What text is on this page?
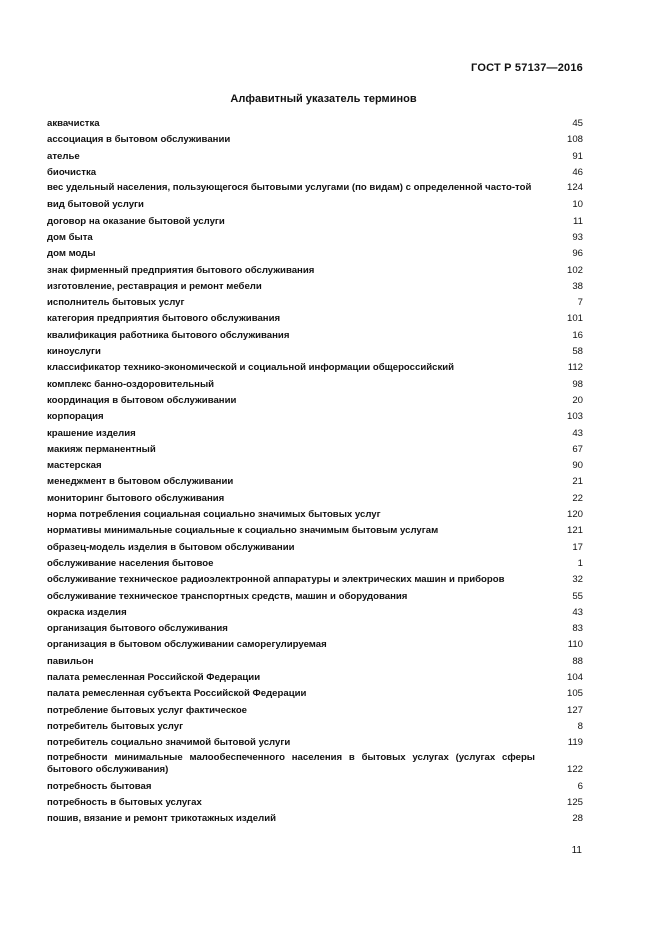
ГОСТ Р 57137—2016
Алфавитный указатель терминов
аквачистка	45
ассоциация в бытовом обслуживании	108
ателье	91
биочистка	46
вес удельный населения, пользующегося бытовыми услугами (по видам) с определенной часто-той	124
вид бытовой услуги	10
договор на оказание бытовой услуги	11
дом быта	93
дом моды	96
знак фирменный предприятия бытового обслуживания	102
изготовление, реставрация и ремонт мебели	38
исполнитель бытовых услуг	7
категория предприятия бытового обслуживания	101
квалификация работника бытового обслуживания	16
киноуслуги	58
классификатор технико-экономической и социальной информации общероссийский	112
комплекс банно-оздоровительный	98
координация в бытовом обслуживании	20
корпорация	103
крашение изделия	43
макияж перманентный	67
мастерская	90
менеджмент в бытовом обслуживании	21
мониторинг бытового обслуживания	22
норма потребления социальная социально значимых бытовых услуг	120
нормативы минимальные социальные к социально значимым бытовым услугам	121
образец-модель изделия в бытовом обслуживании	17
обслуживание населения бытовое	1
обслуживание техническое радиоэлектронной аппаратуры и электрических машин и приборов	32
обслуживание техническое транспортных средств, машин и оборудования	55
окраска изделия	43
организация бытового обслуживания	83
организация в бытовом обслуживании саморегулируемая	110
павильон	88
палата ремесленная Российской Федерации	104
палата ремесленная субъекта Российской Федерации	105
потребление бытовых услуг фактическое	127
потребитель бытовых услуг	8
потребитель социально значимой бытовой услуги	119
потребности минимальные малообеспеченного населения в бытовых услугах (услугах сферы бытового обслуживания)	122
потребность бытовая	6
потребность в бытовых услугах	125
пошив, вязание и ремонт трикотажных изделий	28
11
